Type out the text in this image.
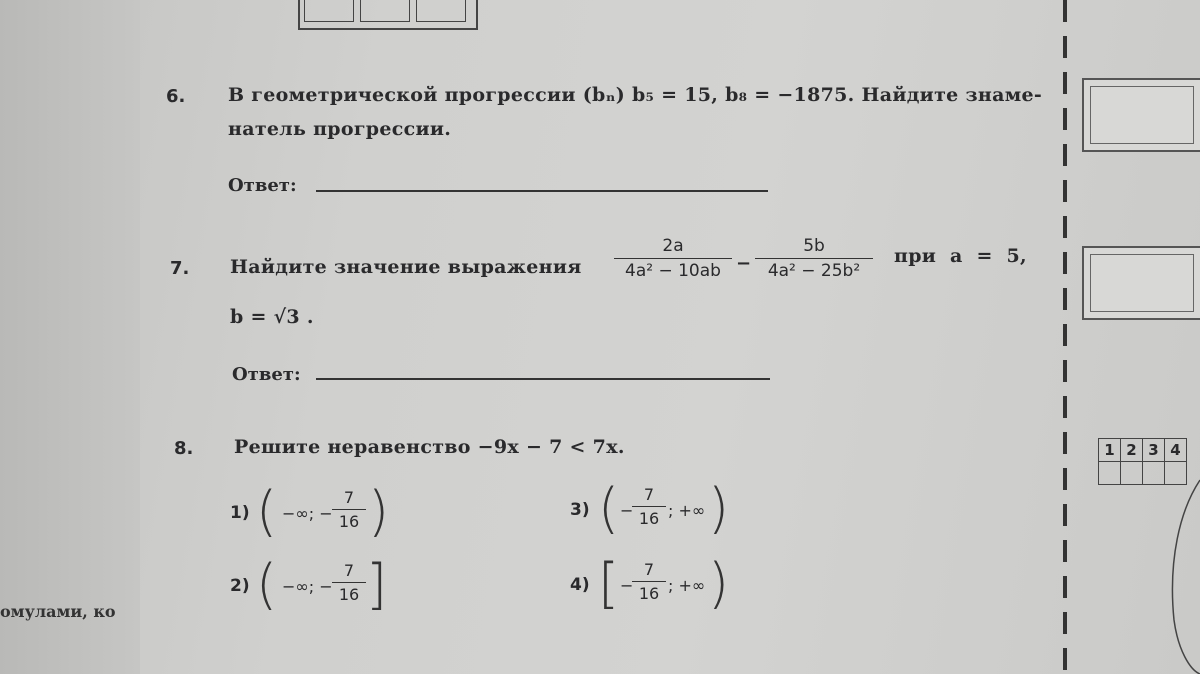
6. В геометрической прогрессии (bₙ) b₅ = 15, b₈ = −1875. Найдите знаме-
натель прогрессии.
Ответ:
7. Найдите значение выражения
2a
4a² − 10ab −
5b
4a² − 25b²
при  a  =  5,
b = √3 .
Ответ:
8. Решите неравенство −9x − 7 < 7x.
1) ( −∞; −
7
16 )
2) ( −∞; −
7
16 ]
3) ( −
7
16 ; +∞ )
4) [ −
7
16 ; +∞ )
1	2	3	4

омулами, ко
